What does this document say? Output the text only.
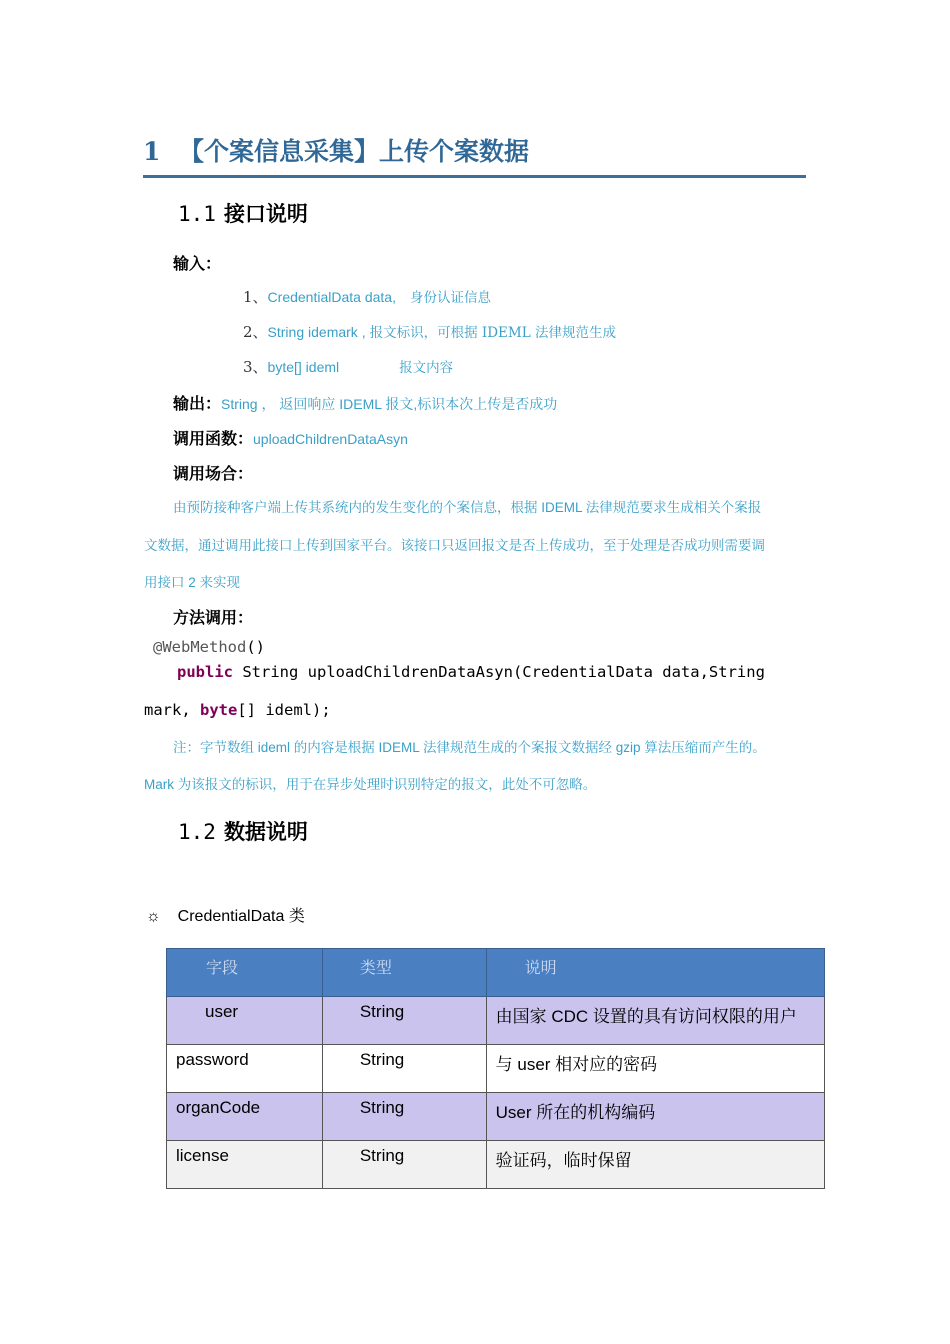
1 【个案信息采集】上传个案数据
1.1 接口说明
输入：
1、CredentialData data, 身份认证信息
2、String idemark , 报文标识，可根据 IDEML 法律规范生成
3、byte[] ideml	报文内容
输出：String ， 返回响应 IDEML 报文,标识本次上传是否成功
调用函数：uploadChildrenDataAsyn
调用场合：
由预防接种客户端上传其系统内的发生变化的个案信息，根据 IDEML 法律规范要求生成相关个案报
文数据，通过调用此接口上传到国家平台。该接口只返回报文是否上传成功，至于处理是否成功则需要调
用接口 2 来实现
方法调用：
@WebMethod()
public String uploadChildrenDataAsyn(CredentialData data,String
mark, byte[] ideml);
注：字节数组 ideml 的内容是根据 IDEML 法律规范生成的个案报文数据经 gzip 算法压缩而产生的。
Mark 为该报文的标识，用于在异步处理时识别特定的报文，此处不可忽略。
1.2 数据说明
☼ CredentialData 类
字段	类型	说明

user	String	由国家 CDC 设置的具有访问权限的用户

password	String	与 user 相对应的密码

organCode	String	User 所在的机构编码

license	String	验证码，临时保留
